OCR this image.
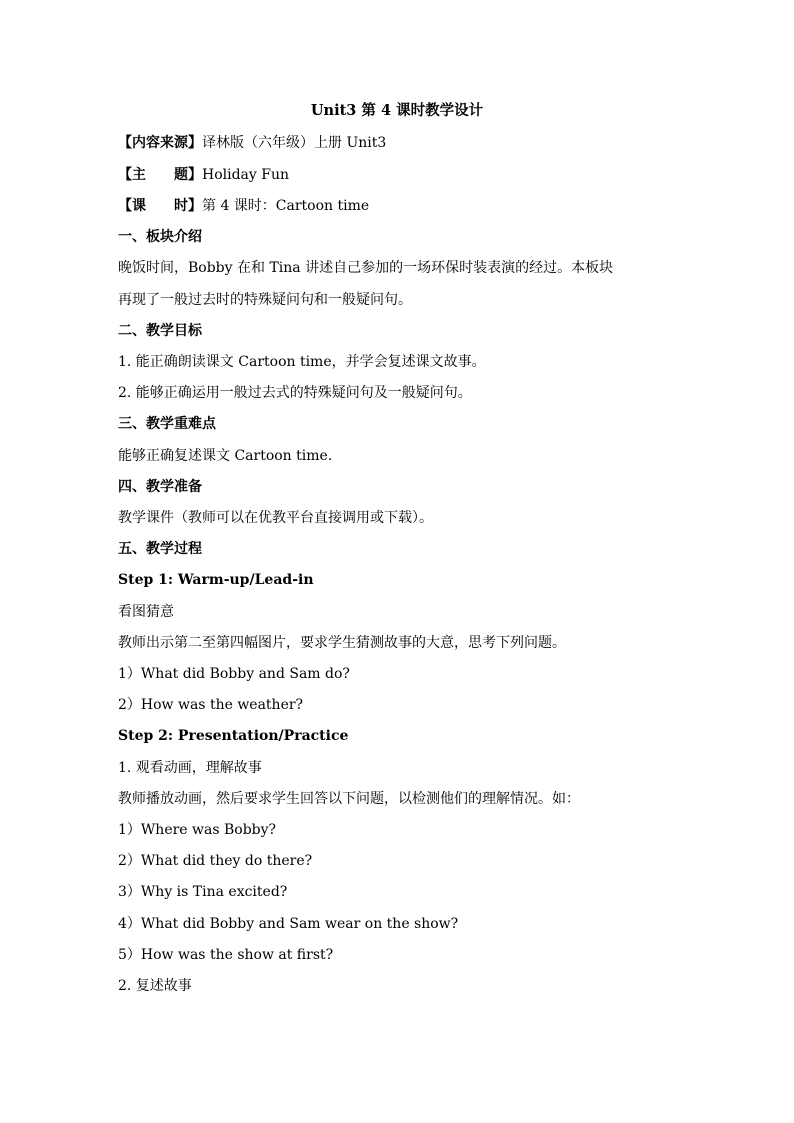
Unit3 第 4 课时教学设计
【内容来源】译林版（六年级）上册 Unit3
【主 题】Holiday Fun
【课 时】第 4 课时：Cartoon time
一、板块介绍
晚饭时间，Bobby 在和 Tina 讲述自己参加的一场环保时装表演的经过。本板块
再现了一般过去时的特殊疑问句和一般疑问句。
二、教学目标
1. 能正确朗读课文 Cartoon time，并学会复述课文故事。
2. 能够正确运用一般过去式的特殊疑问句及一般疑问句。
三、教学重难点
能够正确复述课文 Cartoon time.
四、教学准备
教学课件（教师可以在优教平台直接调用或下载）。
五、教学过程
Step 1: Warm-up/Lead-in
看图猜意
教师出示第二至第四幅图片，要求学生猜测故事的大意，思考下列问题。
1）What did Bobby and Sam do?
2）How was the weather?
Step 2: Presentation/Practice
1. 观看动画，理解故事
教师播放动画，然后要求学生回答以下问题，以检测他们的理解情况。如：
1）Where was Bobby?
2）What did they do there?
3）Why is Tina excited?
4）What did Bobby and Sam wear on the show?
5）How was the show at first?
2. 复述故事
